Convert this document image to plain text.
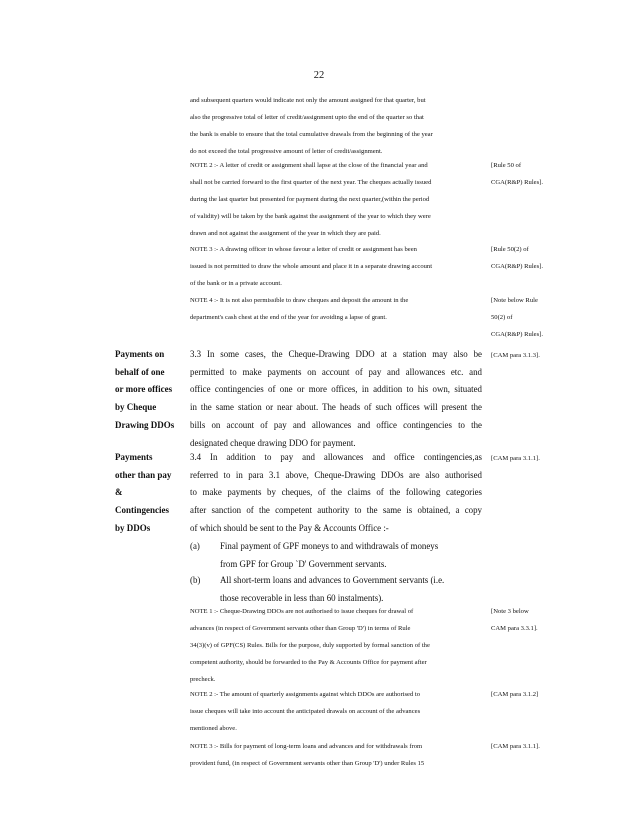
22
and subsequent quarters would indicate not only the amount assigned for that quarter, but
also the progressive total of letter of credit/assignment upto the end of the quarter so that
the bank is enable to ensure that the total cumulative drawals from the beginning of the year
do not exceed the total progressive amount of letter of credit/assignment.
NOTE 2 :- A letter of credit or assignment shall lapse at the close of the financial year and
shall not be carried forward to the first quarter of the next year. The cheques actually issued
during the last quarter but presented for payment during the next quarter,(within the period
of validity) will be taken by the bank against the assignment of the year to which they were
drawn and not against the assignment of the year in which they are paid.
[Rule 50 of
CGA(R&P) Rules].
NOTE 3 :- A drawing officer in whose favour a letter of credit or assignment has been
issued is not permitted to draw the whole amount and place it in a separate drawing account
of the bank or in a private account.
[Rule 50(2) of
CGA(R&P) Rules].
NOTE 4 :- It is not also permissible to draw cheques and deposit the amount in the
department's cash chest at the end of the year for avoiding a lapse of grant.
[Note below Rule
50(2) of
CGA(R&P) Rules].
Payments on
behalf of one
or more offices
by Cheque
Drawing DDOs
3.3 In some cases, the Cheque-Drawing DDO at a station may also be
permitted to make payments on account of pay and allowances etc. and
office contingencies of one or more offices, in addition to his own, situated
in the same station or near about. The heads of such offices will present the
bills on account of pay and allowances and office contingencies to the
designated cheque drawing DDO for payment.
[CAM para 3.1.3].
Payments
other than pay
&
Contingencies
by DDOs
3.4 In addition to pay and allowances and office contingencies,as
referred to in para 3.1 above, Cheque-Drawing DDOs are also authorised
to make payments by cheques, of the claims of the following categories
after sanction of the competent authority to the same is obtained, a copy
of which should be sent to the Pay & Accounts Office :-
[CAM para 3.1.1].
(a) Final payment of GPF moneys to and withdrawals of moneys
from GPF for Group `D' Government servants.
(b) All short-term loans and advances to Government servants (i.e.
those recoverable in less than 60 instalments).
NOTE 1 :- Cheque-Drawing DDOs are not authorised to issue cheques for drawal of
advances (in respect of Government servants other than Group 'D') in terms of Rule
34(3)(v) of GPF(CS) Rules. Bills for the purpose, duly supported by formal sanction of the
competent authority, should be forwarded to the Pay & Accounts Office for payment after
precheck.
[Note 3 below
CAM para 3.3.1].
NOTE 2 :- The amount of quarterly assignments against which DDOs are authorised to
issue cheques will take into account the anticipated drawals on account of the advances
mentioned above.
[CAM para 3.1.2]
NOTE 3 :- Bills for payment of long-term loans and advances and for withdrawals from
provident fund, (in respect of Government servants other than Group 'D') under Rules 15
[CAM para 3.1.1].
